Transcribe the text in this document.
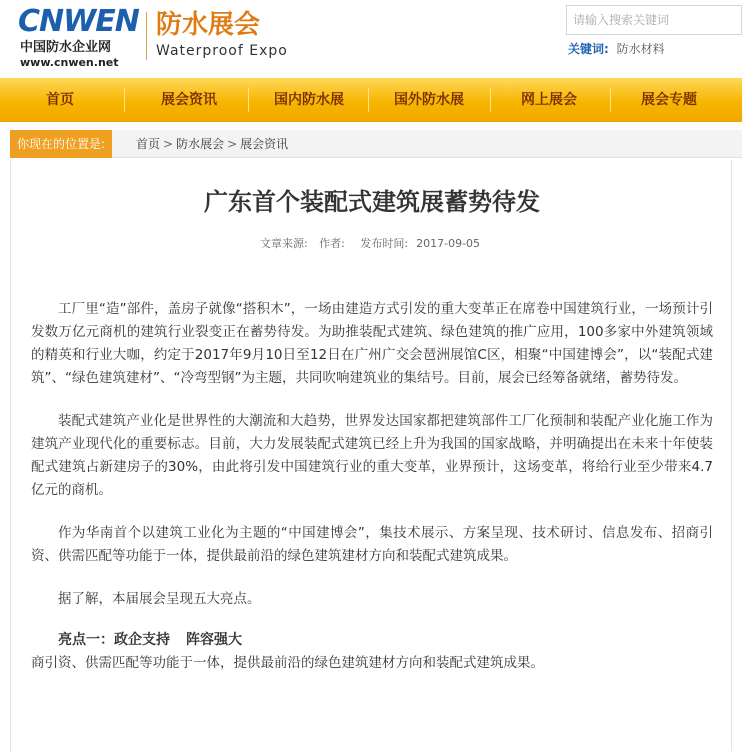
CNWEN
中国防水企业网
www.cnwen.net
防水展会
Waterproof Expo
请输入搜索关键词	关键词: 防水材料
首页	展会资讯	国内防水展	国外防水展	网上展会	展会专题
你现在的位置是:	首页 > 防水展会 > 展会资讯
广东首个装配式建筑展蓄势待发
文章来源: 作者: 发布时间: 2017-09-05

工厂里“造”部件，盖房子就像“搭积木”，一场由建造方式引发的重大变革正在席卷中国建筑行业，一场预计引发数万亿元商机的建筑行业裂变正在蓄势待发。为助推装配式建筑、绿色建筑的推广应用，100多家中外建筑领域的精英和行业大咖，约定于2017年9月10日至12日在广州广交会琶洲展馆C区，相聚“中国建博会”，以“装配式建筑”、“绿色建筑建材”、“冷弯型钢”为主题，共同吹响建筑业的集结号。目前，展会已经筹备就绪，蓄势待发。

装配式建筑产业化是世界性的大潮流和大趋势，世界发达国家都把建筑部件工厂化预制和装配产业化施工作为建筑产业现代化的重要标志。目前，大力发展装配式建筑已经上升为我国的国家战略，并明确提出在未来十年使装配式建筑占新建房子的30%，由此将引发中国建筑行业的重大变革，业界预计，这场变革，将给行业至少带来4.7亿元的商机。

作为华南首个以建筑工业化为主题的“中国建博会”，集技术展示、方案呈现、技术研讨、信息发布、招商引资、供需匹配等功能于一体，提供最前沿的绿色建筑建材方向和装配式建筑成果。

据了解，本届展会呈现五大亮点。

亮点一：政企支持 阵容强大

商引资、供需匹配等功能于一体，提供最前沿的绿色建筑建材方向和装配式建筑成果。
